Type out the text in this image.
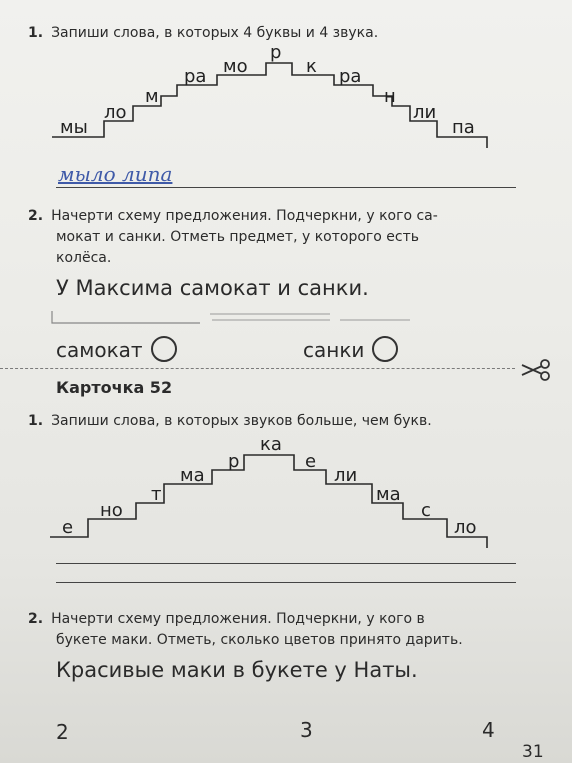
1. Запиши слова, в которых 4 буквы и 4 звука.
мы
ло
м
ра мо
р
к ра
н
ли
па
мыло липа
2. Начерти схему предложения. Подчеркни, у кого са-
мокат и санки. Отметь предмет, у которого есть
колёса.
У Максима самокат и санки.
самокат	санки
Карточка 52
1. Запиши слова, в которых звуков больше, чем букв.
е
но
т
ма
р
ка
е
ли
ма
с
ло
2. Начерти схему предложения. Подчеркни, у кого в
букете маки. Отметь, сколько цветов принято дарить.
Красивые маки в букете у Наты.
2	3	4
31
